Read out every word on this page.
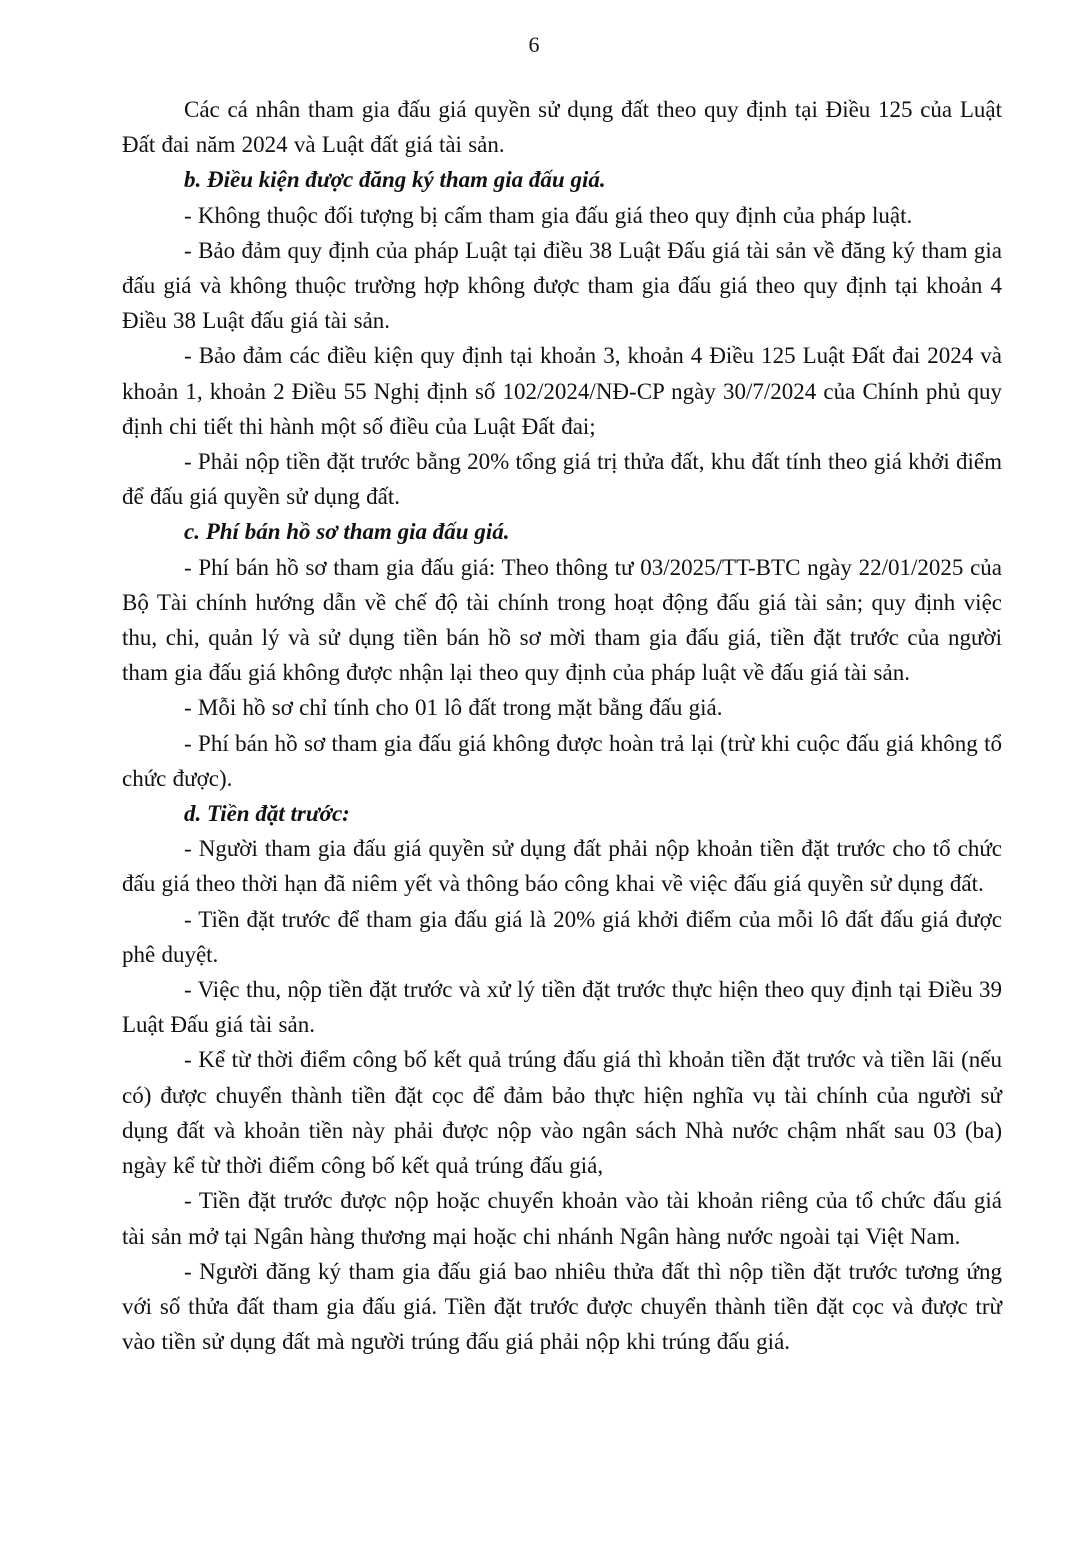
6

Các cá nhân tham gia đấu giá quyền sử dụng đất theo quy định tại Điều 125 của Luật Đất đai năm 2024 và Luật đất giá tài sản.

b. Điều kiện được đăng ký tham gia đấu giá.

- Không thuộc đối tượng bị cấm tham gia đấu giá theo quy định của pháp luật.

- Bảo đảm quy định của pháp Luật tại điều 38 Luật Đấu giá tài sản về đăng ký tham gia đấu giá và không thuộc trường hợp không được tham gia đấu giá theo quy định tại khoản 4 Điều 38 Luật đấu giá tài sản.

- Bảo đảm các điều kiện quy định tại khoản 3, khoản 4 Điều 125 Luật Đất đai 2024 và khoản 1, khoản 2 Điều 55 Nghị định số 102/2024/NĐ-CP ngày 30/7/2024 của Chính phủ quy định chi tiết thi hành một số điều của Luật Đất đai;

- Phải nộp tiền đặt trước bằng 20% tổng giá trị thửa đất, khu đất tính theo giá khởi điểm để đấu giá quyền sử dụng đất.

c. Phí bán hồ sơ tham gia đấu giá.

- Phí bán hồ sơ tham gia đấu giá: Theo thông tư 03/2025/TT-BTC ngày 22/01/2025 của Bộ Tài chính hướng dẫn về chế độ tài chính trong hoạt động đấu giá tài sản; quy định việc thu, chi, quản lý và sử dụng tiền bán hồ sơ mời tham gia đấu giá, tiền đặt trước của người tham gia đấu giá không được nhận lại theo quy định của pháp luật về đấu giá tài sản.

- Mỗi hồ sơ chỉ tính cho 01 lô đất trong mặt bằng đấu giá.

- Phí bán hồ sơ tham gia đấu giá không được hoàn trả lại (trừ khi cuộc đấu giá không tổ chức được).

d. Tiền đặt trước:

- Người tham gia đấu giá quyền sử dụng đất phải nộp khoản tiền đặt trước cho tổ chức đấu giá theo thời hạn đã niêm yết và thông báo công khai về việc đấu giá quyền sử dụng đất.

- Tiền đặt trước để tham gia đấu giá là 20% giá khởi điểm của mỗi lô đất đấu giá được phê duyệt.

- Việc thu, nộp tiền đặt trước và xử lý tiền đặt trước thực hiện theo quy định tại Điều 39 Luật Đấu giá tài sản.

- Kể từ thời điểm công bố kết quả trúng đấu giá thì khoản tiền đặt trước và tiền lãi (nếu có) được chuyển thành tiền đặt cọc để đảm bảo thực hiện nghĩa vụ tài chính của người sử dụng đất và khoản tiền này phải được nộp vào ngân sách Nhà nước chậm nhất sau 03 (ba) ngày kể từ thời điểm công bố kết quả trúng đấu giá,

- Tiền đặt trước được nộp hoặc chuyển khoản vào tài khoản riêng của tổ chức đấu giá tài sản mở tại Ngân hàng thương mại hoặc chi nhánh Ngân hàng nước ngoài tại Việt Nam.

- Người đăng ký tham gia đấu giá bao nhiêu thửa đất thì nộp tiền đặt trước tương ứng với số thửa đất tham gia đấu giá. Tiền đặt trước được chuyển thành tiền đặt cọc và được trừ vào tiền sử dụng đất mà người trúng đấu giá phải nộp khi trúng đấu giá.
